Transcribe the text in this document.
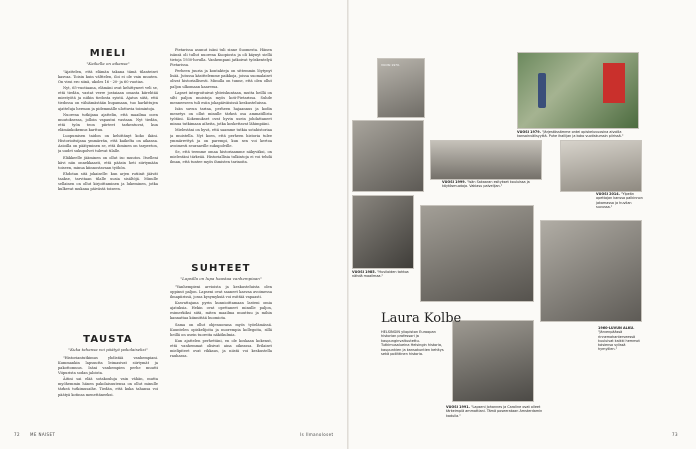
MIELI
"Kaikella on aikansa"

"Ajattelen, että elämän takana tämä tilanteiset kasvaa. Toisin kuin välttelen, iloi ei ole vain muuten. On vissi ero siinä, ukoles 16 - 20- ja 60 vuotias.

Nyt, 65-vuotiaana, elämäni ovat kehittyneet veli se, että tiedän, vastat verre jostaiaan omasta kiirehtää miestyötä ja niihin tiedosta syistä. Ajatus siitä, että tiedossa on vähiämästään hupamaan, tuo harkittujen ajatteluja hermon ja pidemmälle ulottuvia toimintoja.

Nuorena tutkijana ajattelin, että maailma ooen muutoksessa, jolloin vapautui vastaan. Nyt tiedän, että työn teon piirteet tarkentuvat, kun elämänkokemus karttuu.

Luopumisen taidon on kehittänyt koko ikäni. Historioitsijana ymmärrän, että kaikelta on aikansa. Asioilla on päätyminen se, että ihminen on tarpeeton, ja uudet sukupolvet tulevat tilalle.

Eläkkeelle jääminen on ollut iso muutos. Itselleni kävi niin onnekkaasti, että pääsin heti siirtymään toiseen, minua kiinnostavaan työhön.

Ehdotan sitä jokaiselle: kun arjen rutiinit jäävät taakse, tarvitaan tilalle uusia sisältöjä. Minulle sellainen on ollut kirjoittaminen ja lukeminen, jotka kulkevat mukana päivästä toiseen.

TAUSTA
"Kuka tahansa voi päätyä pakolaiseksi"

"Historiantutkimus yhdistää vanhempiani. Kummankin lapsuutta leimasivat siirtymät ja pakottomuus. Isäni vanhempien perhe muutti Viipurista sodan jaloista.

Äitini sai elää sotakouluja vain vähän, mutta myöhemmin hänen pakolaisuutensa on ollut minulle tärkeä tutkimusaihe. Tiedän, että kuka tahansa voi päätyä kotinsa menettäneeksi.

Pietarissa asunut isäni tuli sinne Suomesta. Hänen isänsä oli tullut nuorena Kuopiosta ja oli käynyt siellä tietoja 1930-luvulla. Vanhempani jatkoivat työskentelyä Pietarissa.

Perheen juuria ja kontakteja on sittemmin löytynyt lisää. Jutussa käsittelemme paikkoja, joissa suomalaiset olivat historiallisesti. Minulla on tunne, että olen ollut paljon ulkomaan kaaressa.

Lapset integroituivat yhteiskuntaan, mutta heillä on silti paljon muistoja myös koti-Pietarissa. Suhde menneeseen tuli esiin jokapäiväisissä keskusteluissa.

Isän suvun tarina, perheen hajaannus ja kodin menetys on ollut minulle tärkeä osa ammatillista työtäni. Kokemukset ovat hyvin usein johdattaneet minua tutkimaan aiheita, jotka koskettavat lähimpiäni.

Mielestäni on hyvä, että saamme tutkia sotahistoriaa ja muistella. Nyt koen, että perheen historia tulee ymmärrettyä ja on parempi, kun sen voi kertoa avoimesti seuraaville sukupolville.

Se, että teemme omaa historiaamme näkyväksi, on mielestäni tärkeää. Historiallisia tulkintoja ei voi tehdä ilman, että tuntee myös ihmisten tarinoita.

SUHTEET
"Lapsilla on lupa haastaa vanhempiaan"

"Vanhempieni arvioista ja keskusteluista olen oppinut paljon. Lapseni ovat saaneet kasvaa avoimessa ilmapiirissä, jossa kysymyksiä voi esittää vapaasti.

Kasvattajana pyrin kunnioittamaan lasteni omia ajatuksia. Hekin ovat opettaneet minulle paljon, esimerkiksi siitä, miten maailma muuttuu ja mihin kannattaa kiinnittää huomiota.

Sama on ollut ohjenuorana myös työelämässä. Kuuntelen opiskelijoita ja nuorempia kollegoita, sillä heillä on usein tuoreita näkökulmia.

Kun ajattelen perhettäni, en ole koskaan kokenut, että vanhemmat olisivat aina oikeassa. Erilaiset mielipiteet ovat rikkaus, ja niistä voi keskustella rauhassa.

VUOSI 1970.
VUOSI 1979. "Järjestössämme ontei opiskeluvuosina aivoilla kansainvälisyyttä. Puhe ihailijan ja koko vuotiskurssin piirissä."
VUOSI 1999. "Isän Sakaaran esitykset kouluissa ja käytösmuotoja. Vakiasu palvelijan."
VUOSI 2014. "Ylpeän opettajan kanssa palkinnon jakamassa ja huvilan suvussa."
VUOSI 1985. "Huviloiden tahtoa nähdä maailmaa."
1960-LUVUN ALKU. "Järvenpäässä rinnemahanterveessä kuuluivat kaikki hemmot toisiensa sylissä hymyillen."
VUOSI 1991. "Lapseni Johannes ja Caroline ovat olleet tärkeimpiä ammattiani. Tämä poseerataan Amsterdamin kadulla."
Laura Kolbe
HELSINGIN yliopiston Euroopan historian professori ja kaupunginvaltuutettu. Tutkimusalueina Helsingin historia, kaupunkien ja kansakuntien kehitys sekä poliittinen historia.
72	ME NAISET	Is Ilmanoloset	73
